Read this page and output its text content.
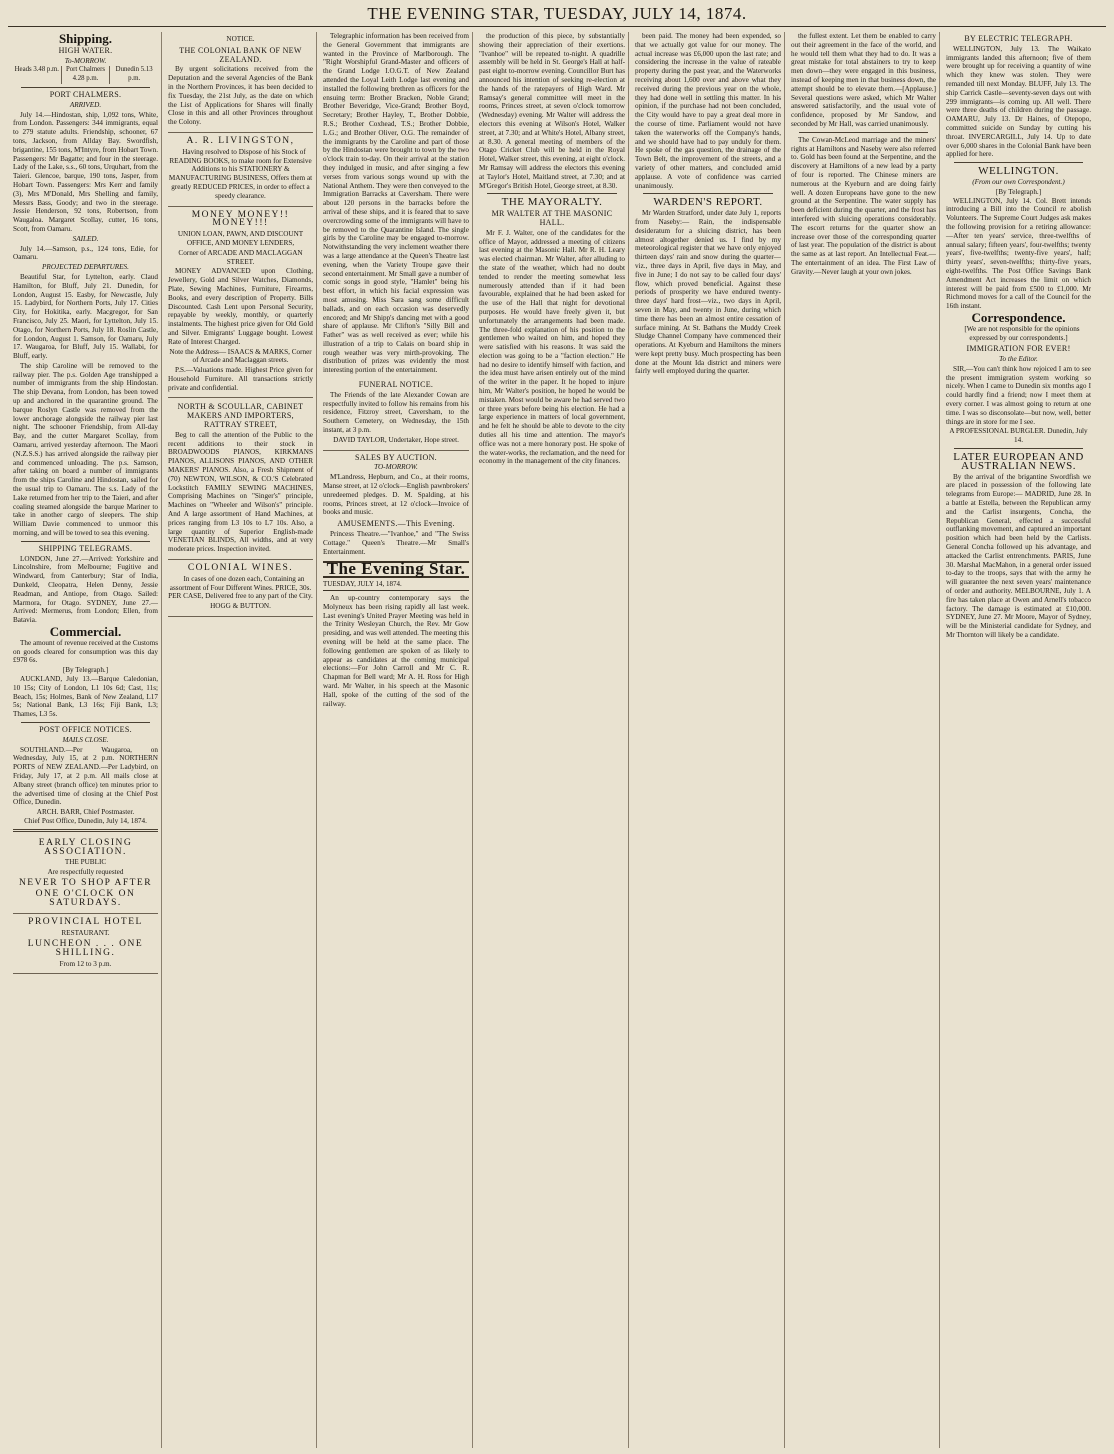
THE EVENING STAR, TUESDAY, JULY 14, 1874.
Shipping.
HIGH WATER.
To-MORROW.
Heads 3.48 p.m.	Port Chalmers 4.28 p.m.
Dunedin 5.13 p.m.
PORT CHALMERS.
ARRIVED.

July 14.—Hindostan, ship, 1,092 tons, White, from London. Passengers: 344 immigrants, equal to 279 statute adults. Friendship, schooner, 67 tons, Jackson, from Allday Bay. Swordfish, brigantine, 155 tons, M'Intyre, from Hobart Town. Passengers: Mr Bagatte; and four in the steerage. Lady of the Lake, s.s., 60 tons, Urquhart, from the Taieri. Glencoe, barque, 190 tons, Jasper, from Hobart Town. Passengers: Mrs Kerr and family (3), Mrs M'Donald, Mrs Shelling and family, Messrs Bass, Goody; and two in the steerage. Jessie Henderson, 92 tons, Robertson, from Waugaloa. Margaret Scollay, cutter, 16 tons, Scott, from Oamaru.

SAILED.

July 14.—Samson, p.s., 124 tons, Edie, for Oamaru.

PROJECTED DEPARTURES.

Beautiful Star, for Lyttelton, early. Claud Hamilton, for Bluff, July 21. Dunedin, for London, August 15. Easby, for Newcastle, July 15. Ladybird, for Northern Ports, July 17. Cities City, for Hokitika, early. Macgregor, for San Francisco, July 25. Maori, for Lyttelton, July 15. Otago, for Northern Ports, July 18. Roslin Castle, for London, August 1. Samson, for Oamaru, July 17. Waugaroa, for Bluff, July 15. Wallabi, for Bluff, early.

The ship Caroline will be removed to the railway pier. The p.s. Golden Age transhipped a number of immigrants from the ship Hindostan. The ship Devana, from London, has been towed up and anchored in the quarantine ground. The barque Roslyn Castle was removed from the lower anchorage alongside the railway pier last night. The schooner Friendship, from All-day Bay, and the cutter Margaret Scollay, from Oamaru, arrived yesterday afternoon. The Maori (N.Z.S.S.) has arrived alongside the railway pier and commenced unloading. The p.s. Samson, after taking on board a number of immigrants from the ships Caroline and Hindostan, sailed for the usual trip to Oamaru. The s.s. Lady of the Lake returned from her trip to the Taieri, and after coaling steamed alongside the barque Mariner to take in another cargo of sleepers. The ship William Davie commenced to unmoor this morning, and will be towed to sea this evening.

SHIPPING TELEGRAMS.

LONDON, June 27.—Arrived: Yorkshire and Lincolnshire, from Melbourne; Fugitive and Windward, from Canterbury; Star of India, Dunkeld, Cleopatra, Helen Denny, Jessie Readman, and Antiope, from Otago. Sailed: Marmora, for Otago. SYDNEY, June 27.—Arrived: Mermerus, from London; Ellen, from Batavia.

Commercial.

The amount of revenue received at the Customs on goods cleared for consumption was this day £978 6s.

[By Telegraph.]

AUCKLAND, July 13.—Barque Caledonian, 10 15s; City of London, L1 10s 6d; Cast, 11s; Beach, 15s; Holmes, Bank of New Zealand, L17 5s; National Bank, L3 16s; Fiji Bank, L3; Thames, L3 5s.

POST OFFICE NOTICES.
MAILS CLOSE.

SOUTHLAND.—Per Waugaroa, on Wednesday, July 15, at 2 p.m. NORTHERN PORTS of NEW ZEALAND.—Per Ladybird, on Friday, July 17, at 2 p.m. All mails close at Albany street (branch office) ten minutes prior to the advertised time of closing at the Chief Post Office, Dunedin.

ARCH. BARR, Chief Postmaster.
Chief Post Office, Dunedin, July 14, 1874.
EARLY CLOSING ASSOCIATION.
THE PUBLIC
Are respectfully requested
NEVER TO SHOP AFTER
ONE O'CLOCK ON SATURDAYS.
PROVINCIAL HOTEL
RESTAURANT.
LUNCHEON . . . ONE SHILLING.
From 12 to 3 p.m.
NOTICE.
THE COLONIAL BANK OF NEW ZEALAND.

By urgent solicitations received from the Deputation and the several Agencies of the Bank in the Northern Provinces, it has been decided to fix Tuesday, the 21st July, as the date on which the List of Applications for Shares will finally Close in this and all other Provinces throughout the Colony.

A. R. LIVINGSTON,

Having resolved to Dispose of his Stock of READING BOOKS, to make room for Extensive Additions to his STATIONERY & MANUFACTURING BUSINESS, Offers them at greatly REDUCED PRICES, in order to effect a speedy clearance.

MONEY MONEY!! MONEY!!!
UNION LOAN, PAWN, AND DISCOUNT OFFICE, AND MONEY LENDERS,
Corner of ARCADE AND MACLAGGAN STREET.

MONEY ADVANCED upon Clothing, Jewellery, Gold and Silver Watches, Diamonds, Plate, Sewing Machines, Furniture, Firearms, Books, and every description of Property. Bills Discounted. Cash Lent upon Personal Security, repayable by weekly, monthly, or quarterly instalments. The highest price given for Old Gold and Silver. Emigrants' Luggage bought. Lowest Rate of Interest Charged.

Note the Address— ISAACS & MARKS, Corner of Arcade and Maclaggan streets.

P.S.—Valuations made. Highest Price given for Household Furniture. All transactions strictly private and confidential.

NORTH & SCOULLAR, CABINET MAKERS AND IMPORTERS, RATTRAY STREET,

Beg to call the attention of the Public to the recent additions to their stock in BROADWOODS PIANOS, KIRKMANS PIANOS, ALLISONS PIANOS, AND OTHER MAKERS' PIANOS. Also, a Fresh Shipment of (70) NEWTON, WILSON, & CO.'S Celebrated Lockstitch FAMILY SEWING MACHINES, Comprising Machines on "Singer's" principle, Machines on "Wheeler and Wilson's" principle. And A large assortment of Hand Machines, at prices ranging from L3 10s to L7 10s. Also, a large quantity of Superior English-made VENETIAN BLINDS, All widths, and at very moderate prices. Inspection invited.

COLONIAL WINES.

In cases of one dozen each, Containing an assortment of Four Different Wines. PRICE, 30s. PER CASE, Delivered free to any part of the City.

HOGG & BUTTON.

Telegraphic information has been received from the General Government that immigrants are wanted in the Province of Marlborough. The "Right Worshipful Grand-Master and officers of the Grand Lodge I.O.G.T. of New Zealand attended the Loyal Leith Lodge last evening and installed the following brethren as officers for the ensuing term: Brother Bracken, Noble Grand; Brother Beveridge, Vice-Grand; Brother Boyd, Secretary; Brother Hayley, T., Brother Dobbie, R.S.; Brother Coxhead, T.S.; Brother Dobbie, L.G.; and Brother Oliver, O.G. The remainder of the immigrants by the Caroline and part of those by the Hindostan were brought to town by the two o'clock train to-day. On their arrival at the station they indulged in music, and after singing a few verses from various songs wound up with the National Anthem. They were then conveyed to the Immigration Barracks at Caversham. There were about 120 persons in the barracks before the arrival of these ships, and it is feared that to save overcrowding some of the immigrants will have to be removed to the Quarantine Island. The single girls by the Caroline may be engaged to-morrow. Notwithstanding the very inclement weather there was a large attendance at the Queen's Theatre last evening, when the Variety Troupe gave their second entertainment. Mr Small gave a number of comic songs in good style, "Hamlet" being his best effort, in which his facial expression was most amusing. Miss Sara sang some difficult ballads, and on each occasion was deservedly encored; and Mr Shipp's dancing met with a good share of applause. Mr Clifton's "Silly Bill and Father" was as well received as ever; while his illustration of a trip to Calais on board ship in rough weather was very mirth-provoking. The distribution of prizes was evidently the most interesting portion of the entertainment.

FUNERAL NOTICE.

The Friends of the late Alexander Cowan are respectfully invited to follow his remains from his residence, Fitzroy street, Caversham, to the Southern Cemetery, on Wednesday, the 15th instant, at 3 p.m.

DAVID TAYLOR, Undertaker, Hope street.
SALES BY AUCTION.
TO-MORROW.

M'Landress, Hepburn, and Co., at their rooms, Manse street, at 12 o'clock—English pawnbrokers' unredeemed pledges. D. M. Spalding, at his rooms, Princes street, at 12 o'clock—Invoice of books and music.

AMUSEMENTS.—This Evening.

Princess Theatre.—"Ivanhoe," and "The Swiss Cottage." Queen's Theatre.—Mr Small's Entertainment.

The Evening Star.
TUESDAY, JULY 14, 1874.

An up-country contemporary says the Molyneux has been rising rapidly all last week. Last evening's United Prayer Meeting was held in the Trinity Wesleyan Church, the Rev. Mr Gow presiding, and was well attended. The meeting this evening will be held at the same place. The following gentlemen are spoken of as likely to appear as candidates at the coming municipal elections:—For John Carroll and Mr C. R. Chapman for Bell ward; Mr A. H. Ross for High ward. Mr Walter, in his speech at the Masonic Hall, spoke of the cutting of the sod of the railway.

the production of this piece, by substantially showing their appreciation of their exertions. "Ivanhoe" will be repeated to-night. A quadrille assembly will be held in St. George's Hall at half-past eight to-morrow evening. Councillor Burt has announced his intention of seeking re-election at the hands of the ratepayers of High Ward. Mr Ramsay's general committee will meet in the rooms, Princes street, at seven o'clock tomorrow (Wednesday) evening. Mr Walter will address the electors this evening at Wilson's Hotel, Walker street, at 7.30; and at White's Hotel, Albany street, at 8.30. A general meeting of members of the Otago Cricket Club will be held in the Royal Hotel, Walker street, this evening, at eight o'clock. Mr Ramsay will address the electors this evening at Taylor's Hotel, Maitland street, at 7.30; and at M'Gregor's British Hotel, George street, at 8.30.

THE MAYORALTY.
MR WALTER AT THE MASONIC HALL.

Mr F. J. Walter, one of the candidates for the office of Mayor, addressed a meeting of citizens last evening at the Masonic Hall. Mr R. H. Leary was elected chairman. Mr Walter, after alluding to the state of the weather, which had no doubt tended to render the meeting somewhat less numerously attended than if it had been favourable, explained that he had been asked for the use of the Hall that night for devotional purposes. He would have freely given it, but unfortunately the arrangements had been made. The three-fold explanation of his position to the gentlemen who waited on him, and hoped they were satisfied with his reasons. It was said the election was going to be a "faction election." He had no desire to identify himself with faction, and the idea must have arisen entirely out of the mind of the writer in the paper. It he hoped to injure him, Mr Walter's position, he hoped he would be mistaken. Most would be aware he had served two or three years before being his election. He had a large experience in matters of local government, and he felt he should be able to devote to the city duties all his time and attention. The mayor's office was not a mere honorary post. He spoke of the water-works, the reclamation, and the need for economy in the management of the city finances.

been paid. The money had been expended, so that we actually got value for our money. The actual increase was £6,000 upon the last rate; and considering the increase in the value of rateable property during the past year, and the Waterworks receiving about 1,600 over and above what they received during the previous year on the whole, they had done well in settling this matter. In his opinion, if the purchase had not been concluded, the City would have to pay a great deal more in the course of time. Parliament would not have taken the waterworks off the Company's hands, and we should have had to pay unduly for them. He spoke of the gas question, the drainage of the Town Belt, the improvement of the streets, and a variety of other matters, and concluded amid applause. A vote of confidence was carried unanimously.

WARDEN'S REPORT.

Mr Warden Stratford, under date July 1, reports from Naseby:— Rain, the indispensable desideratum for a sluicing district, has been almost altogether denied us. I find by my meteorological register that we have only enjoyed thirteen days' rain and snow during the quarter—viz., three days in April, five days in May, and five in June; I do not say to be called four days' flow, which proved beneficial. Against these periods of prosperity we have endured twenty-three days' hard frost—viz., two days in April, seven in May, and twenty in June, during which time there has been an almost entire cessation of surface mining. At St. Bathans the Muddy Creek Sludge Channel Company have commenced their operations. At Kyeburn and Hamiltons the miners were kept pretty busy. Much prospecting has been done at the Mount Ida district and miners were fairly well employed during the quarter.

the fullest extent. Let them be enabled to carry out their agreement in the face of the world, and he would tell them what they had to do. It was a great mistake for total abstainers to try to keep men down—they were engaged in this business, instead of keeping men in that business down, the attempt should be to elevate them.—[Applause.] Several questions were asked, which Mr Walter answered satisfactorily, and the usual vote of confidence, proposed by Mr Sandow, and seconded by Mr Hall, was carried unanimously.

The Cowan-McLeod marriage and the miners' rights at Hamiltons and Naseby were also referred to. Gold has been found at the Serpentine, and the discovery at Hamiltons of a new lead by a party of four is reported. The Chinese miners are numerous at the Kyeburn and are doing fairly well. A dozen Europeans have gone to the new ground at the Serpentine. The water supply has been deficient during the quarter, and the frost has interfered with sluicing operations considerably. The escort returns for the quarter show an increase over those of the corresponding quarter of last year. The population of the district is about the same as at last report. An Intellectual Feat.—The entertainment of an idea. The First Law of Gravity.—Never laugh at your own jokes.

BY ELECTRIC TELEGRAPH.

WELLINGTON, July 13. The Waikato immigrants landed this afternoon; five of them were brought up for receiving a quantity of wine which they knew was stolen. They were remanded till next Monday. BLUFF, July 13. The ship Carrick Castle—seventy-seven days out with 299 immigrants—is coming up. All well. There were three deaths of children during the passage. OAMARU, July 13. Dr Haines, of Otepopo, committed suicide on Sunday by cutting his throat. INVERCARGILL, July 14. Up to date over 6,000 shares in the Colonial Bank have been applied for here.

WELLINGTON.
(From our own Correspondent.)
[By Telegraph.]

WELLINGTON, July 14. Col. Brett intends introducing a Bill into the Council re abolish Volunteers. The Supreme Court Judges ask makes the following provision for a retiring allowance:—After ten years' service, three-twelfths of annual salary; fifteen years', four-twelfths; twenty years', five-twelfths; twenty-five years', half; thirty years', seven-twelfths; thirty-five years, eight-twelfths. The Post Office Savings Bank Amendment Act increases the limit on which interest will be paid from £500 to £1,000. Mr Richmond moves for a call of the Council for the 16th instant.

Correspondence.

[We are not responsible for the opinions expressed by our correspondents.]

IMMIGRATION FOR EVER!
To the Editor.

SIR,—You can't think how rejoiced I am to see the present immigration system working so nicely. When I came to Dunedin six months ago I could hardly find a friend; now I meet them at every corner. I was almost going to return at one time. I was so disconsolate—but now, well, better things are in store for me I see.

A PROFESSIONAL BURGLER. Dunedin, July 14.
LATER EUROPEAN AND AUSTRALIAN NEWS.

By the arrival of the brigantine Swordfish we are placed in possession of the following late telegrams from Europe:— MADRID, June 28. In a battle at Estella, between the Republican army and the Carlist insurgents, Concha, the Republican General, effected a successful outflanking movement, and captured an important position which had been held by the Carlists. General Concha followed up his advantage, and attacked the Carlist entrenchments. PARIS, June 30. Marshal MacMahon, in a general order issued to-day to the troops, says that with the army he will guarantee the next seven years' maintenance of order and authority. MELBOURNE, July 1. A fire has taken place at Owen and Arnell's tobacco factory. The damage is estimated at £10,000. SYDNEY, June 27. Mr Moore, Mayor of Sydney, will be the Ministerial candidate for Sydney, and Mr Thornton will likely be a candidate.
